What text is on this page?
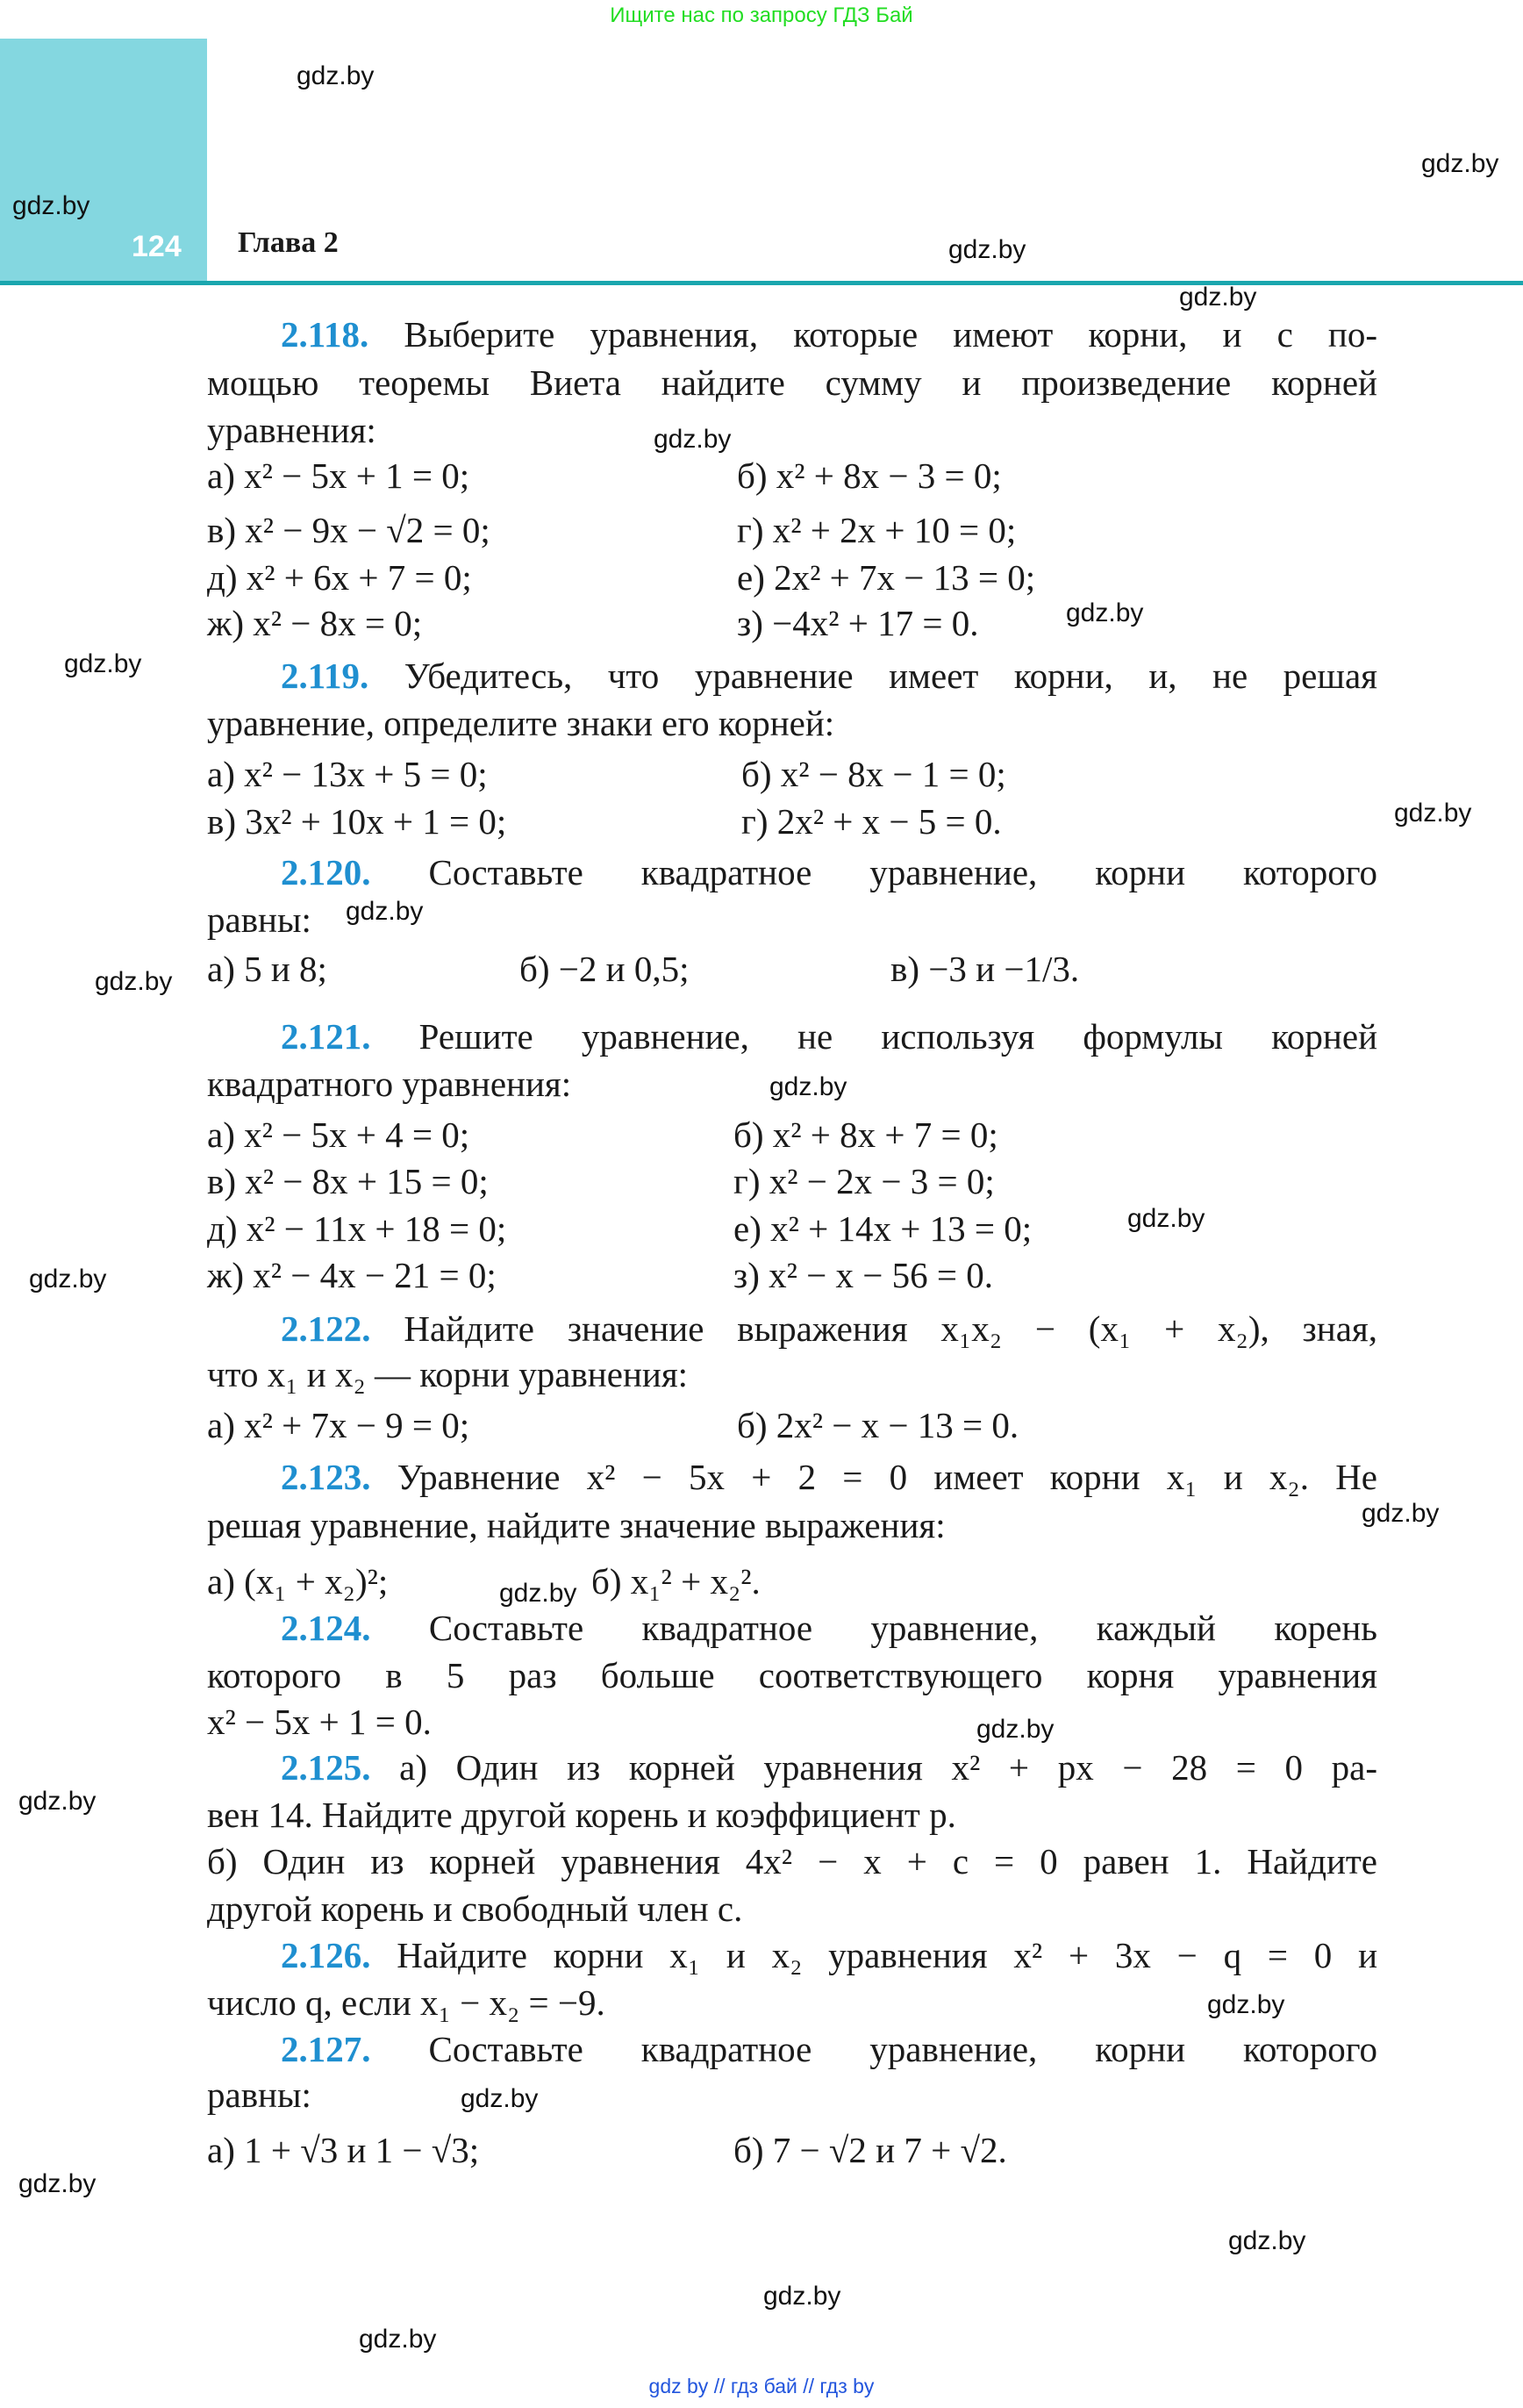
Ищите нас по запросу ГДЗ Бай
124 Глава 2
2.118. Выберите уравнения, которые имеют корни, и с по-
мощью теоремы Виета найдите сумму и произведение корней
уравнения:
а) x² − 5x + 1 = 0;	б) x² + 8x − 3 = 0;
в) x² − 9x − √2 = 0;	г) x² + 2x + 10 = 0;
д) x² + 6x + 7 = 0;	е) 2x² + 7x − 13 = 0;
ж) x² − 8x = 0;	з) −4x² + 17 = 0.
2.119. Убедитесь, что уравнение имеет корни, и, не решая
уравнение, определите знаки его корней:
а) x² − 13x + 5 = 0;	б) x² − 8x − 1 = 0;
в) 3x² + 10x + 1 = 0;	г) 2x² + x − 5 = 0.
2.120. Составьте квадратное уравнение, корни которого
равны:
а) 5 и 8;	б) −2 и 0,5;	в) −3 и −1/3.
2.121. Решите уравнение, не используя формулы корней
квадратного уравнения:
а) x² − 5x + 4 = 0;	б) x² + 8x + 7 = 0;
в) x² − 8x + 15 = 0;	г) x² − 2x − 3 = 0;
д) x² − 11x + 18 = 0;	е) x² + 14x + 13 = 0;
ж) x² − 4x − 21 = 0;	з) x² − x − 56 = 0.
2.122. Найдите значение выражения x₁x₂ − (x₁ + x₂), зная,
что x₁ и x₂ — корни уравнения:
а) x² + 7x − 9 = 0;	б) 2x² − x − 13 = 0.
2.123. Уравнение x² − 5x + 2 = 0 имеет корни x₁ и x₂. Не
решая уравнение, найдите значение выражения:
а) (x₁ + x₂)²;	б) x₁² + x₂².
2.124. Составьте квадратное уравнение, каждый корень
которого в 5 раз больше соответствующего корня уравнения
x² − 5x + 1 = 0.
2.125. а) Один из корней уравнения x² + px − 28 = 0 ра-
вен 14. Найдите другой корень и коэффициент p.
б) Один из корней уравнения 4x² − x + c = 0 равен 1. Найдите
другой корень и свободный член c.
2.126. Найдите корни x₁ и x₂ уравнения x² + 3x − q = 0 и
число q, если x₁ − x₂ = −9.
2.127. Составьте квадратное уравнение, корни которого
равны:
а) 1 + √3 и 1 − √3;	б) 7 − √2 и 7 + √2.
gdz.by
gdz.by
gdz.by
gdz.by
gdz.by
gdz.by
gdz.by
gdz.by
gdz.by
gdz.by
gdz.by
gdz.by
gdz.by
gdz.by
gdz.by
gdz.by
gdz.by
gdz.by
gdz.by
gdz.by
gdz.by
gdz.by
gdz.by
gdz.by
gdz by // гдз бай // гдз by
